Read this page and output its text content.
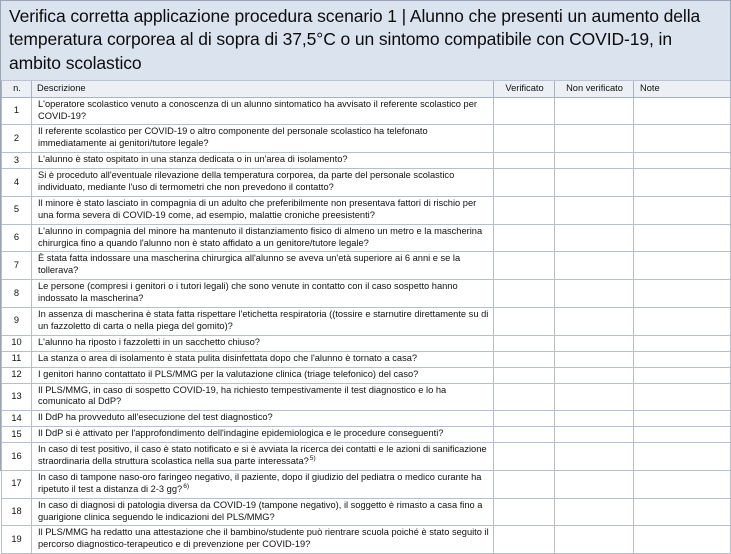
Verifica corretta applicazione procedura scenario 1 | Alunno che presenti un aumento della temperatura corporea al di sopra di 37,5°C o un sintomo compatibile con COVID-19, in ambito scolastico
n.	Descrizione	Verificato	Non verificato	Note
1	L'operatore scolastico venuto a conoscenza di un alunno sintomatico ha avvisato il referente scolastico per COVID-19?			
2	Il referente scolastico per COVID-19 o altro componente del personale scolastico ha telefonato immediatamente ai genitori/tutore legale?			
3	L'alunno è stato ospitato in una stanza dedicata o in un'area di isolamento?			
4	Si è proceduto all'eventuale rilevazione della temperatura corporea, da parte del personale scolastico individuato, mediante l'uso di termometri che non prevedono il contatto?			
5	Il minore è stato lasciato in compagnia di un adulto che preferibilmente non presentava fattori di rischio per una forma severa di COVID-19 come, ad esempio, malattie croniche preesistenti?			
6	L'alunno in compagnia del minore ha mantenuto il distanziamento fisico di almeno un metro e la mascherina chirurgica fino a quando l'alunno non è stato affidato a un genitore/tutore legale?			
7	È stata fatta indossare una mascherina chirurgica all'alunno se aveva un'età superiore ai 6 anni e se la tollerava?			
8	Le persone (compresi i genitori o i tutori legali) che sono venute in contatto con il caso sospetto hanno indossato la mascherina?			
9	In assenza di mascherina è stata fatta rispettare l'etichetta respiratoria ((tossire e starnutire direttamente su di un fazzoletto di carta o nella piega del gomito)?			
10	L'alunno ha riposto i fazzoletti in un sacchetto chiuso?			
11	La stanza o area di isolamento è stata pulita disinfettata dopo che l'alunno è tornato a casa?			
12	I genitori hanno contattato il PLS/MMG per la valutazione clinica (triage telefonico) del caso?			
13	Il PLS/MMG, in caso di sospetto COVID-19, ha richiesto tempestivamente il test diagnostico e lo ha comunicato al DdP?			
14	Il DdP ha provveduto all'esecuzione del test diagnostico?			
15	Il DdP si è attivato per l'approfondimento dell'indagine epidemiologica e le procedure conseguenti?			
16	In caso di test positivo, il caso è stato notificato e si è avviata la ricerca dei contatti e le azioni di sanificazione straordinaria della struttura scolastica nella sua parte interessata?$^{5)}$			
17	In caso di tampone naso-oro faringeo negativo, il paziente, dopo il giudizio del pediatra o medico curante ha ripetuto il test a distanza di 2-3 gg?$^{6)}$			
18	In caso di diagnosi di patologia diversa da COVID-19 (tampone negativo), il soggetto è rimasto a casa fino a guarigione clinica seguendo le indicazioni del PLS/MMG?			
19	Il PLS/MMG ha redatto una attestazione che il bambino/studente può rientrare scuola poiché è stato seguito il percorso diagnostico-terapeutico e di prevenzione per COVID-19?			
